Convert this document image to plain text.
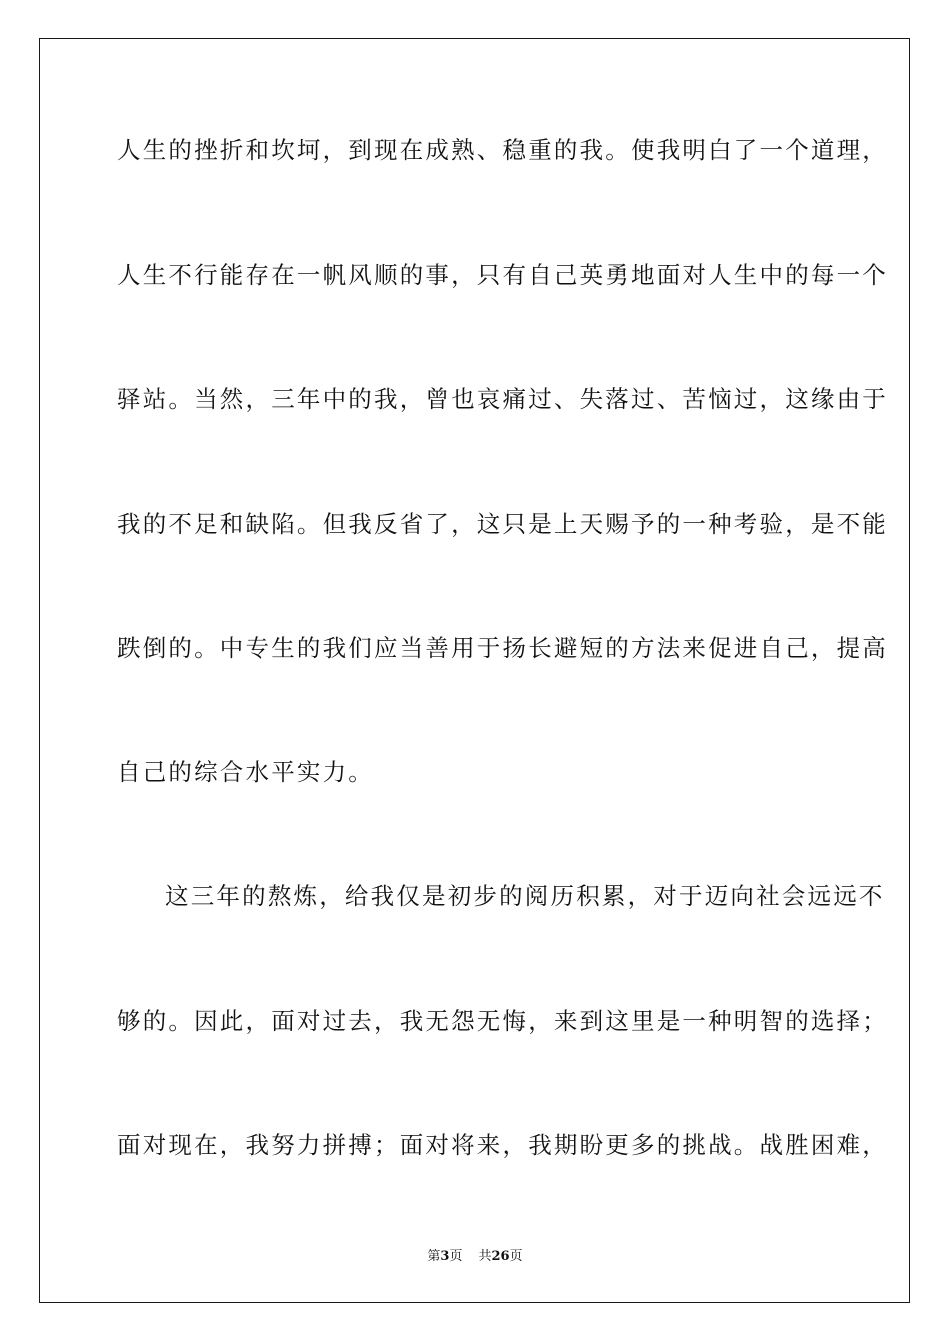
人生的挫折和坎坷，到现在成熟、稳重的我。使我明白了一个道理，
人生不行能存在一帆风顺的事，只有自己英勇地面对人生中的每一个
驿站。当然，三年中的我，曾也哀痛过、失落过、苦恼过，这缘由于
我的不足和缺陷。但我反省了，这只是上天赐予的一种考验，是不能
跌倒的。中专生的我们应当善用于扬长避短的方法来促进自己，提高
自己的综合水平实力。
这三年的熬炼，给我仅是初步的阅历积累，对于迈向社会远远不
够的。因此，面对过去，我无怨无悔，来到这里是一种明智的选择；
面对现在，我努力拼搏；面对将来，我期盼更多的挑战。战胜困难，
第3页 共26页
